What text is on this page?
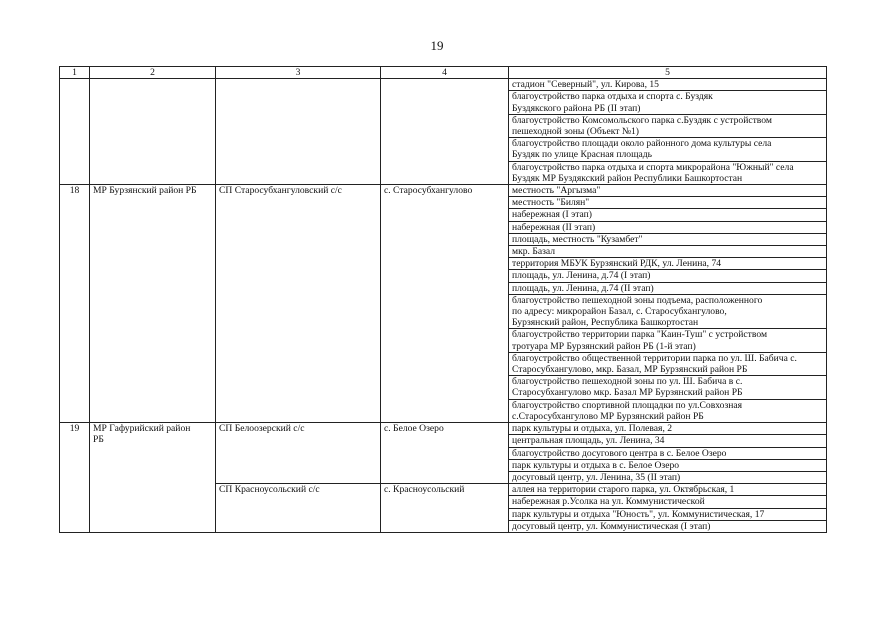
19
1	2	3	4	5

				стадион "Северный", ул. Кирова, 15

				благоустройство парка отдыха и спорта с. Буздяк
Буздякского района РБ (II этап)

				благоустройство Комсомольского парка с.Буздяк с устройством
пешеходной зоны (Объект №1)

				благоустройство площади около районного дома культуры села
Буздяк по улице Красная площадь

				благоустройство парка отдыха и спорта микрорайона "Южный" села
Буздяк МР Буздякский район Республики Башкортостан

18	МР Бурзянский район РБ	СП Старосубхангуловский с/с	с. Старосубхангулово	местность "Аргызма"

				местность "Билян"

				набережная (I этап)

				набережная (II этап)

				площадь, местность "Кузамбет"

				мкр. Базал

				территория МБУК Бурзянский РДК, ул. Ленина, 74

				площадь, ул. Ленина, д.74 (I этап)

				площадь, ул. Ленина, д.74 (II этап)

				благоустройство пешеходной зоны подъема, расположенного
по адресу: микрорайон Базал, с. Старосубхангулово,
Бурзянский район, Республика Башкортостан

				благоустройство территории парка "Каин-Туш" с устройством
тротуара МР Бурзянский район РБ (1-й этап)

				благоустройство общественной территории парка по ул. Ш. Бабича с.
Старосубхангулово, мкр. Базал, МР Бурзянский район РБ

				благоустройство пешеходной зоны по ул. Ш. Бабича в с.
Старосубхангулово мкр. Базал МР Бурзянский район РБ

				благоустройство спортивной площадки по ул.Совхозная
с.Старосубхангулово МР Бурзянский район РБ

19	МР Гафурийский район
РБ	СП Белоозерский с/с	с. Белое Озеро	парк культуры и отдыха, ул. Полевая, 2

				центральная площадь, ул. Ленина, 34

				благоустройство досугового центра в с. Белое Озеро

				парк культуры и отдыха в с. Белое Озеро

				досуговый центр, ул. Ленина, 35 (II этап)

		СП Красноусольский с/с	с. Красноусольский	аллея на территории старого парка, ул. Октябрьская, 1

				набережная р.Усолка на ул. Коммунистической

				парк культуры и отдыха "Юность", ул. Коммунистическая, 17

				досуговый центр, ул. Коммунистическая (I этап)
